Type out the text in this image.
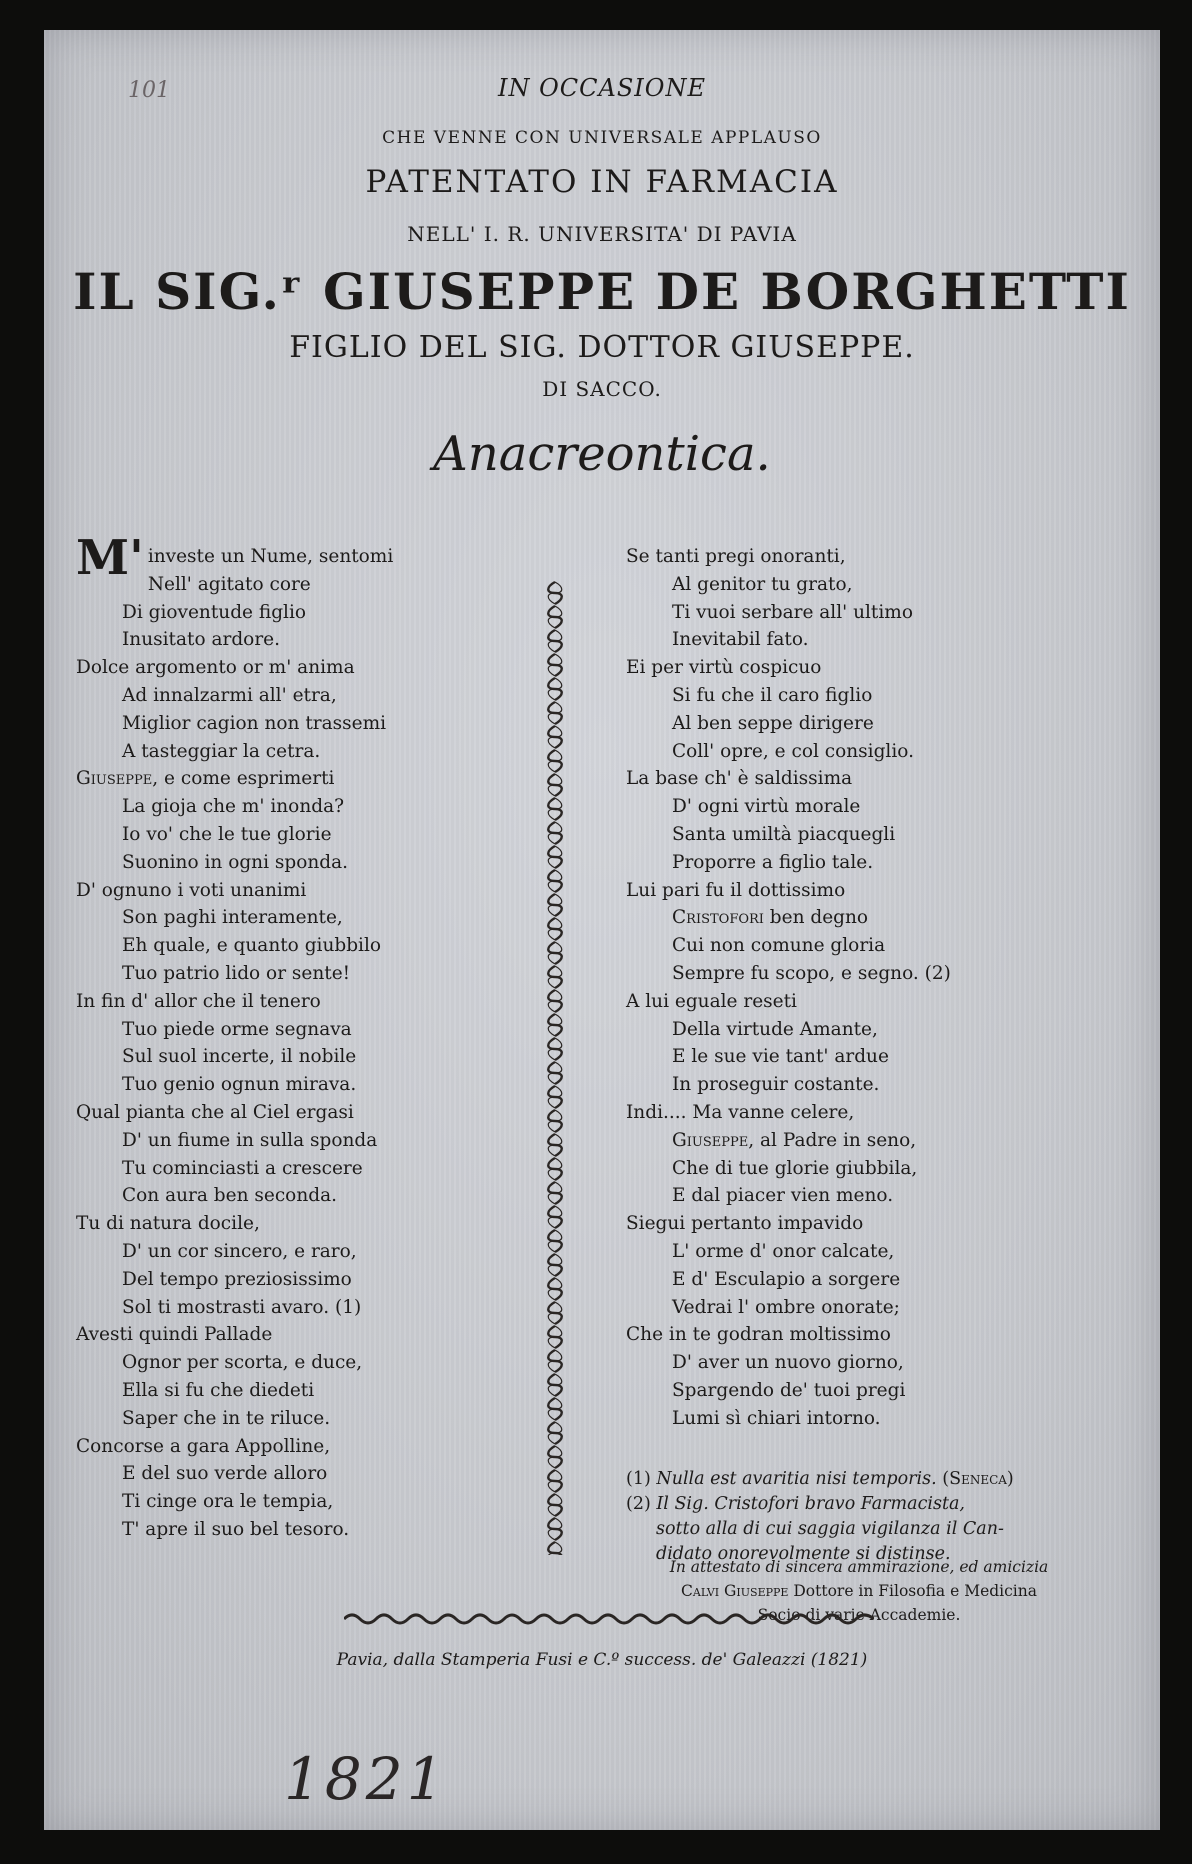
101	IN OCCASIONE
CHE VENNE CON UNIVERSALE APPLAUSO
PATENTATO IN FARMACIA
NELL' I. R. UNIVERSITA' DI PAVIA
IL SIG.ʳ GIUSEPPE DE BORGHETTI
FIGLIO DEL SIG. DOTTOR GIUSEPPE.
DI SACCO.
Anacreontica.
M' investe un Nume, sentomi
Nell' agitato core
Di gioventude figlio
Inusitato ardore.
Dolce argomento or m' anima
Ad innalzarmi all' etra,
Miglior cagion non trassemi
A tasteggiar la cetra.
Giuseppe, e come esprimerti
La gioja che m' inonda?
Io vo' che le tue glorie
Suonino in ogni sponda.
D' ognuno i voti unanimi
Son paghi interamente,
Eh quale, e quanto giubbilo
Tuo patrio lido or sente!
In fin d' allor che il tenero
Tuo piede orme segnava
Sul suol incerte, il nobile
Tuo genio ognun mirava.
Qual pianta che al Ciel ergasi
D' un fiume in sulla sponda
Tu cominciasti a crescere
Con aura ben seconda.
Tu di natura docile,
D' un cor sincero, e raro,
Del tempo preziosissimo
Sol ti mostrasti avaro. (1)
Avesti quindi Pallade
Ognor per scorta, e duce,
Ella si fu che diedeti
Saper che in te riluce.
Concorse a gara Appolline,
E del suo verde alloro
Ti cinge ora le tempia,
T' apre il suo bel tesoro.
Se tanti pregi onoranti,
Al genitor tu grato,
Ti vuoi serbare all' ultimo
Inevitabil fato.
Ei per virtù cospicuo
Si fu che il caro figlio
Al ben seppe dirigere
Coll' opre, e col consiglio.
La base ch' è saldissima
D' ogni virtù morale
Santa umiltà piacquegli
Proporre a figlio tale.
Lui pari fu il dottissimo
Cristofori ben degno
Cui non comune gloria
Sempre fu scopo, e segno. (2)
A lui eguale reseti
Della virtude Amante,
E le sue vie tant' ardue
In proseguir costante.
Indi.... Ma vanne celere,
Giuseppe, al Padre in seno,
Che di tue glorie giubbila,
E dal piacer vien meno.
Siegui pertanto impavido
L' orme d' onor calcate,
E d' Esculapio a sorgere
Vedrai l' ombre onorate;
Che in te godran moltissimo
D' aver un nuovo giorno,
Spargendo de' tuoi pregi
Lumi sì chiari intorno.
(1) Nulla est avaritia nisi temporis. (Seneca)
(2) Il Sig. Cristofori bravo Farmacista,
sotto alla di cui saggia vigilanza il Can-
didato onorevolmente si distinse.
In attestato di sincera ammirazione, ed amicizia
Calvi Giuseppe Dottore in Filosofia e Medicina
Socio di varie Accademie.
Pavia, dalla Stamperia Fusi e C.º success. de' Galeazzi (1821)
1821
